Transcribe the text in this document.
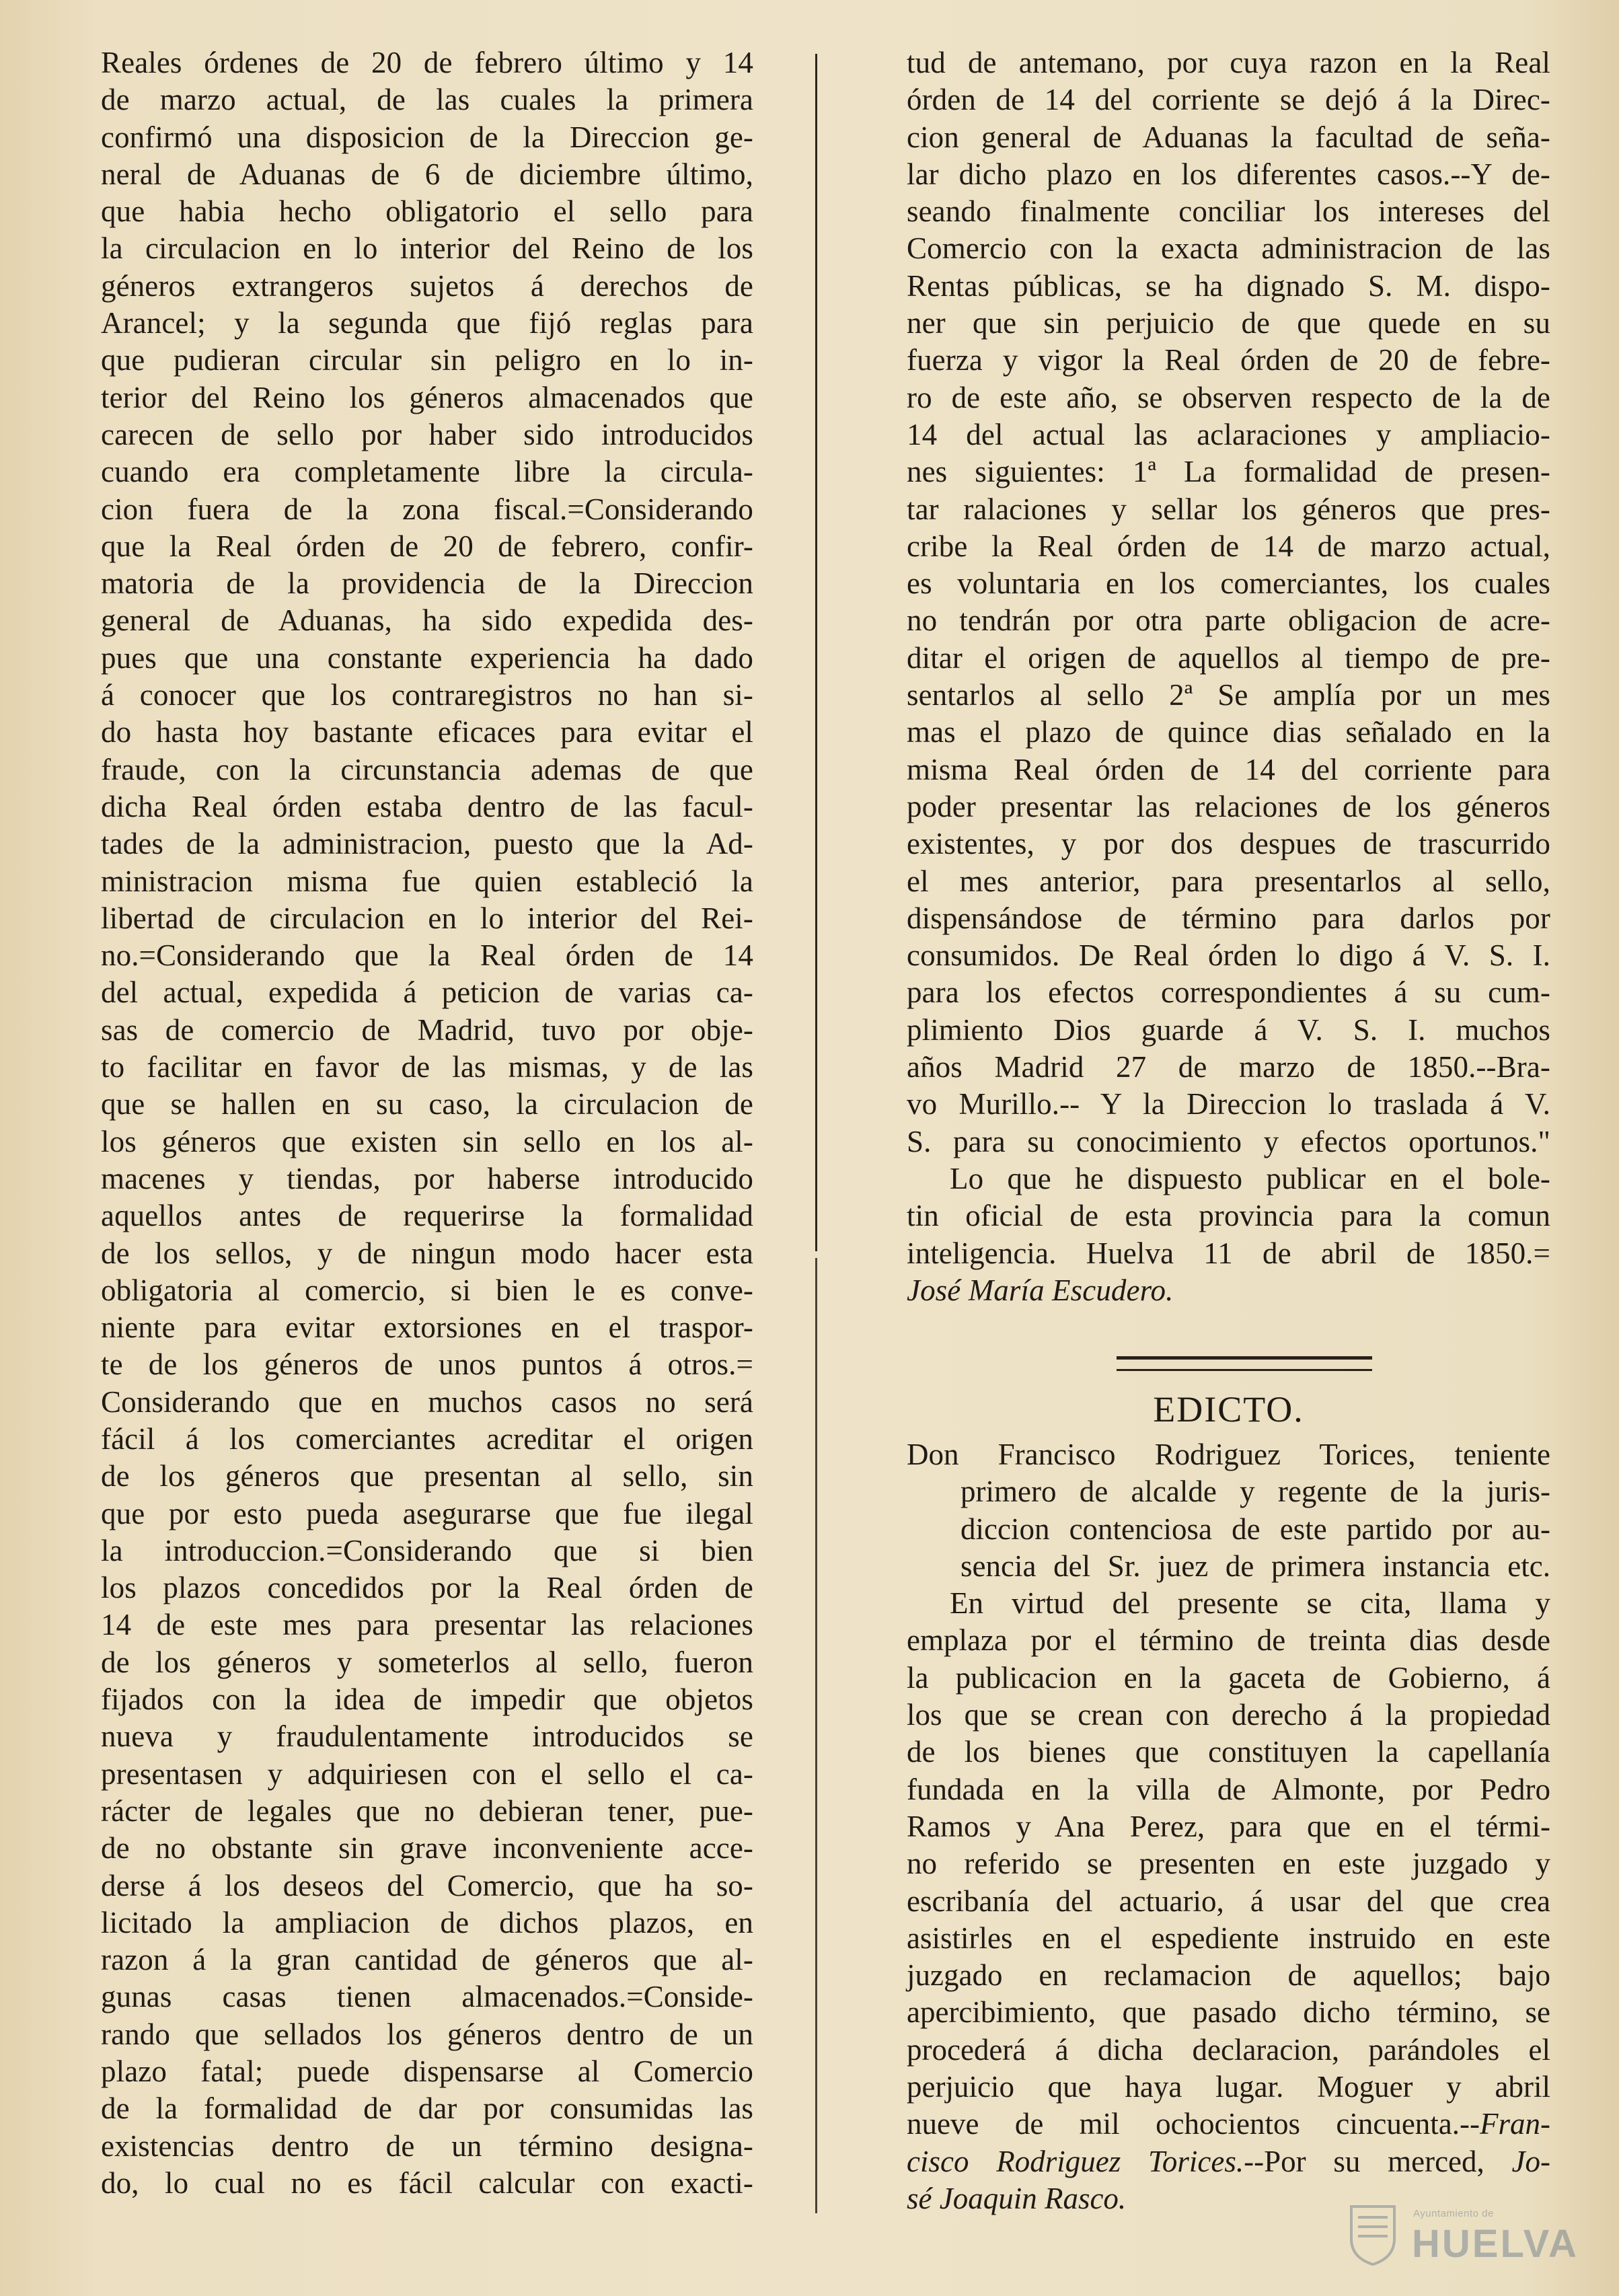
Reales órdenes de 20 de febrero último y 14
de marzo actual, de las cuales la primera
confirmó una disposicion de la Direccion ge-
neral de Aduanas de 6 de diciembre último,
que habia hecho obligatorio el sello para
la circulacion en lo interior del Reino de los
géneros extrangeros sujetos á derechos de
Arancel; y la segunda que fijó reglas para
que pudieran circular sin peligro en lo in-
terior del Reino los géneros almacenados que
carecen de sello por haber sido introducidos
cuando era completamente libre la circula-
cion fuera de la zona fiscal.=Considerando
que la Real órden de 20 de febrero, confir-
matoria de la providencia de la Direccion
general de Aduanas, ha sido expedida des-
pues que una constante experiencia ha dado
á conocer que los contraregistros no han si-
do hasta hoy bastante eficaces para evitar el
fraude, con la circunstancia ademas de que
dicha Real órden estaba dentro de las facul-
tades de la administracion, puesto que la Ad-
ministracion misma fue quien estableció la
libertad de circulacion en lo interior del Rei-
no.=Considerando que la Real órden de 14
del actual, expedida á peticion de varias ca-
sas de comercio de Madrid, tuvo por obje-
to facilitar en favor de las mismas, y de las
que se hallen en su caso, la circulacion de
los géneros que existen sin sello en los al-
macenes y tiendas, por haberse introducido
aquellos antes de requerirse la formalidad
de los sellos, y de ningun modo hacer esta
obligatoria al comercio, si bien le es conve-
niente para evitar extorsiones en el traspor-
te de los géneros de unos puntos á otros.=
Considerando que en muchos casos no será
fácil á los comerciantes acreditar el origen
de los géneros que presentan al sello, sin
que por esto pueda asegurarse que fue ilegal
la introduccion.=Considerando que si bien
los plazos concedidos por la Real órden de
14 de este mes para presentar las relaciones
de los géneros y someterlos al sello, fueron
fijados con la idea de impedir que objetos
nueva y fraudulentamente introducidos se
presentasen y adquiriesen con el sello el ca-
rácter de legales que no debieran tener, pue-
de no obstante sin grave inconveniente acce-
derse á los deseos del Comercio, que ha so-
licitado la ampliacion de dichos plazos, en
razon á la gran cantidad de géneros que al-
gunas casas tienen almacenados.=Conside-
rando que sellados los géneros dentro de un
plazo fatal; puede dispensarse al Comercio
de la formalidad de dar por consumidas las
existencias dentro de un término designa-
do, lo cual no es fácil calcular con exacti-
tud de antemano, por cuya razon en la Real
órden de 14 del corriente se dejó á la Direc-
cion general de Aduanas la facultad de seña-
lar dicho plazo en los diferentes casos.--Y de-
seando finalmente conciliar los intereses del
Comercio con la exacta administracion de las
Rentas públicas, se ha dignado S. M. dispo-
ner que sin perjuicio de que quede en su
fuerza y vigor la Real órden de 20 de febre-
ro de este año, se observen respecto de la de
14 del actual las aclaraciones y ampliacio-
nes siguientes: 1ª La formalidad de presen-
tar ralaciones y sellar los géneros que pres-
cribe la Real órden de 14 de marzo actual,
es voluntaria en los comerciantes, los cuales
no tendrán por otra parte obligacion de acre-
ditar el origen de aquellos al tiempo de pre-
sentarlos al sello 2ª Se amplía por un mes
mas el plazo de quince dias señalado en la
misma Real órden de 14 del corriente para
poder presentar las relaciones de los géneros
existentes, y por dos despues de trascurrido
el mes anterior, para presentarlos al sello,
dispensándose de término para darlos por
consumidos. De Real órden lo digo á V. S. I.
para los efectos correspondientes á su cum-
plimiento Dios guarde á V. S. I. muchos
años Madrid 27 de marzo de 1850.--Bra-
vo Murillo.-- Y la Direccion lo traslada á V.
S. para su conocimiento y efectos oportunos."
Lo que he dispuesto publicar en el bole-
tin oficial de esta provincia para la comun
inteligencia. Huelva 11 de abril de 1850.=
José María Escudero.
EDICTO.
Don Francisco Rodriguez Torices, teniente
primero de alcalde y regente de la juris-
diccion contenciosa de este partido por au-
sencia del Sr. juez de primera instancia etc.
En virtud del presente se cita, llama y
emplaza por el término de treinta dias desde
la publicacion en la gaceta de Gobierno, á
los que se crean con derecho á la propiedad
de los bienes que constituyen la capellanía
fundada en la villa de Almonte, por Pedro
Ramos y Ana Perez, para que en el térmi-
no referido se presenten en este juzgado y
escribanía del actuario, á usar del que crea
asistirles en el espediente instruido en este
juzgado en reclamacion de aquellos; bajo
apercibimiento, que pasado dicho término, se
procederá á dicha declaracion, parándoles el
perjuicio que haya lugar. Moguer y abril
nueve de mil ochocientos cincuenta.--Fran-
cisco Rodriguez Torices.--Por su merced, Jo-
sé Joaquin Rasco.	Ayuntamiento de
HUELVA
